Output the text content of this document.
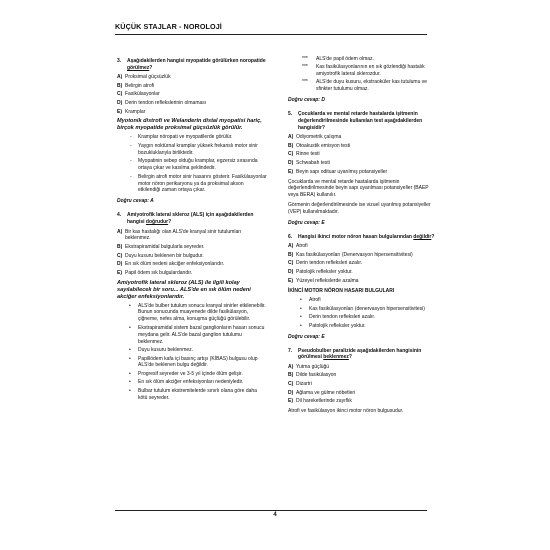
KÜÇÜK STAJLAR - NOROLOJİ
3.	Aşağıdakilerden hangisi myopatide görülürken noropatide görülmez?
A) Proksimal güçsüzlük
B) Belirgin atrofi
C) Fasikülasyonlar
D) Derin tendon reflekslerinin olmaması
E) Kramplar
Myotonik distrofi ve Welanderin distal myopatisi hariç, birçok myopatide proksimal güçsüzlük görülür.
- Kramplar nöropati ve myopatilerde görülür.
- Yaygın noktürnal kramplar yüksek frekanslı motor sinir bozukluklarıyla birliktedir.
- Myopatinin sebep olduğu kramplar, egzersiz sırasında ortaya çıkar ve kasılma şeklindedir.
- Belirgin atrofi motor sinir hasarını gösterir. Fasikülasyonlar motor nöron perikaryonu ya da proksimal akson etkilendiği zaman ortaya çıkar.
Doğru cevap: A
4.	Amiyotrofik lateral skleroz (ALS) için aşağıdakilerden hangisi doğrudur?
A) Bir kas hastalığı olan ALS'de kranyal sinir tutulumları beklenmez.
B) Ekstrapiramidal bulgularla seyreder.
C) Duyu kusuru beklenen bir bulgudur.
D) En sık ölüm nedeni akciğer enfeksiyonlarıdır.
E) Papil ödem sık bulgulardandır.
Amiyotrofik lateral skleroz (ALS) ile ilgili kolay sayılabilecek bir soru... ALS'de en sık ölüm nedeni akciğer enfeksiyonlarıdır.
• ALS'de bulber tutulum sonucu kranyal sinirler etkilenebilir. Bunun sonucunda muayenede dilde fasikülasyon, çiğneme, nefes alma, konuşma güçlüğü görülebilir.
• Ekstrapiramidal sistem bazal ganglionların hasarı sonucu meydana gelir. ALS'de bazal ganglion tutulumu beklenmez.
• Duyu kusuru beklenmez.
• Papillödem kafa içi basınç artışı (KİBAS) bulgusu olup ALS'de beklenen bulgu değildir.
• Progresif seyreder ve 3-5 yıl içinde ölüm gelişir.
• En sık ölüm akciğer enfeksiyonları nedeniyledir.
• Bulbar tutulum ekstremitelerde sınırlı olana göre daha kötü seyreder.
*** ALS'de papil ödem olmaz.
*** Kas fasikülasyonlarının en sık gözlendiği hastalık amiyotrofik lateral sklerozdur.
*** ALS'de duyu kusuru, ekstraoküler kas tutulumu ve sfinkter tutulumu olmaz.
Doğru cevap: D
5.	Çocuklarda ve mental retarde hastalarda işitmenin değerlendirilmesinde kullanılan test aşağıdakilerden hangisidir?
A) Odiyometrik çalışma
B) Otoakustik emisyon testi
C) Rinne testi
D) Schwabah testi
E) Beyin sapı odituar uyarılmış potansiyeller
Çocuklarda ve mental retarde hastalarda işitmenin değerlendirilmesinde beyin sapı uyarılması potansiyeller (BAEP veya BERA) kullanılır.
Görmenin değerlendirilmesinde ise vizuel uyarılmış potansiyeller (VEP) kullanılmaktadır.
Doğru cevap: E
6.	Hangisi ikinci motor nöron hasarı bulgularından değildir?
A) Atrofi
B) Kas fasikülasyonları (Denervasyon hipersensitivitesi)
C) Derin tendon refleksleri azalır.
D) Patolojik refleksler yoktur.
E) Yüzeyel reflekslerde azalma
İKİNCİ MOTOR NÖRON HASARI BULGULARI
• Atrofi
• Kas fasikülasyonları (denervasyon hipersensitivitesi)
• Derin tendon refleksleri azalır.
• Patolojik refleksler yoktur.
Doğru cevap: E
7.	Pseudobulber paralizide aşağıdakilerden hangisinin görülmesi beklenmez?
A) Yutma güçlüğü
B) Dilde fasikülasyon
C) Dizartri
D) Ağlama ve gülme nöbetleri
E) Dil hareketlerinde zayıflık
Atrofi ve fasikülasyon ikinci motor nöron bulgusudur.
4
